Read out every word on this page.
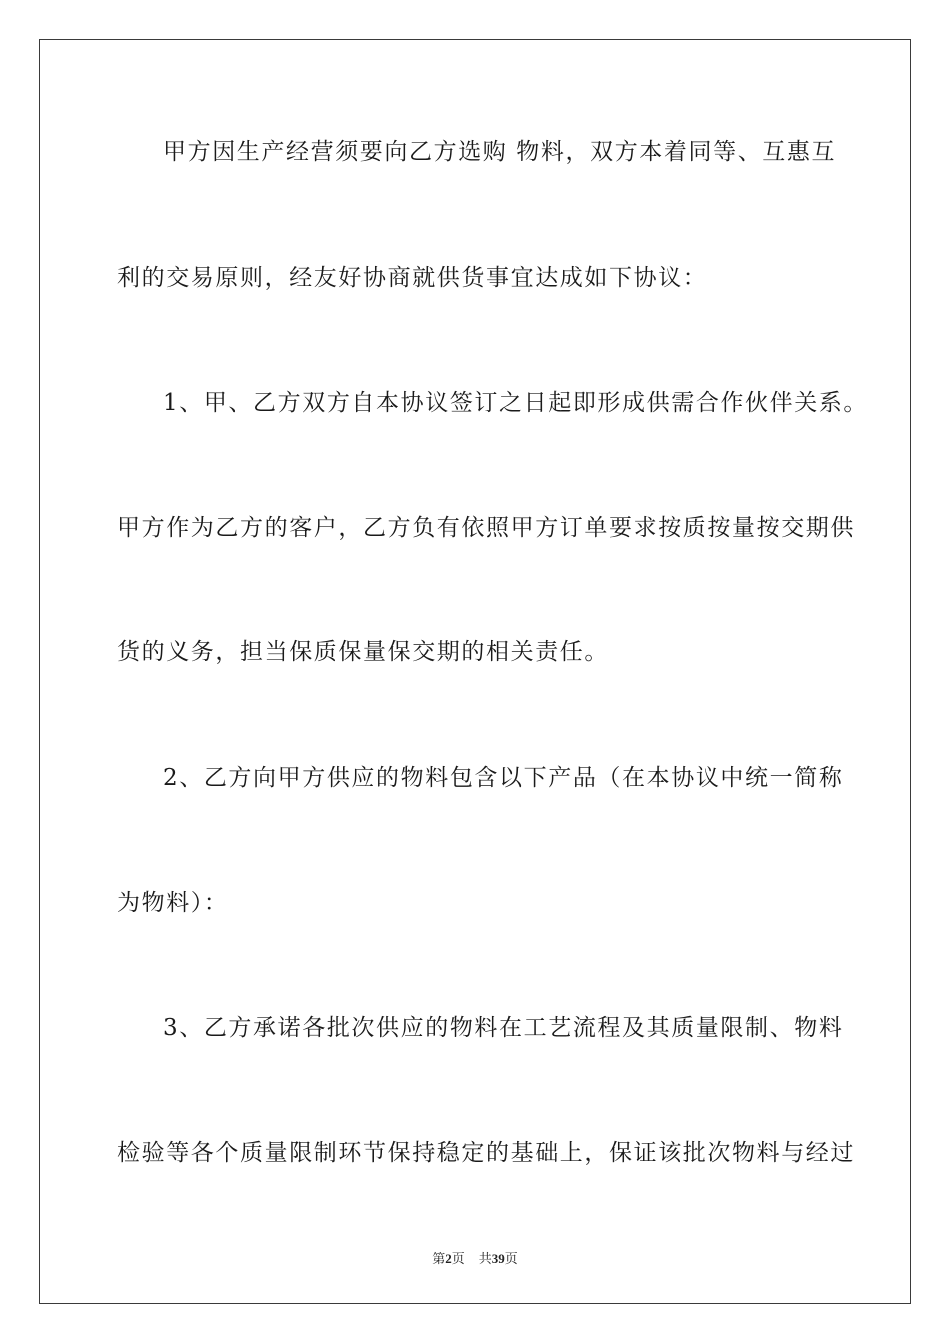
甲方因生产经营须要向乙方选购 物料，双方本着同等、互惠互
利的交易原则，经友好协商就供货事宜达成如下协议：
1、甲、乙方双方自本协议签订之日起即形成供需合作伙伴关系。
甲方作为乙方的客户，乙方负有依照甲方订单要求按质按量按交期供
货的义务，担当保质保量保交期的相关责任。
2、乙方向甲方供应的物料包含以下产品（在本协议中统一简称
为物料）：
3、乙方承诺各批次供应的物料在工艺流程及其质量限制、物料
检验等各个质量限制环节保持稳定的基础上，保证该批次物料与经过
第2页 共39页
